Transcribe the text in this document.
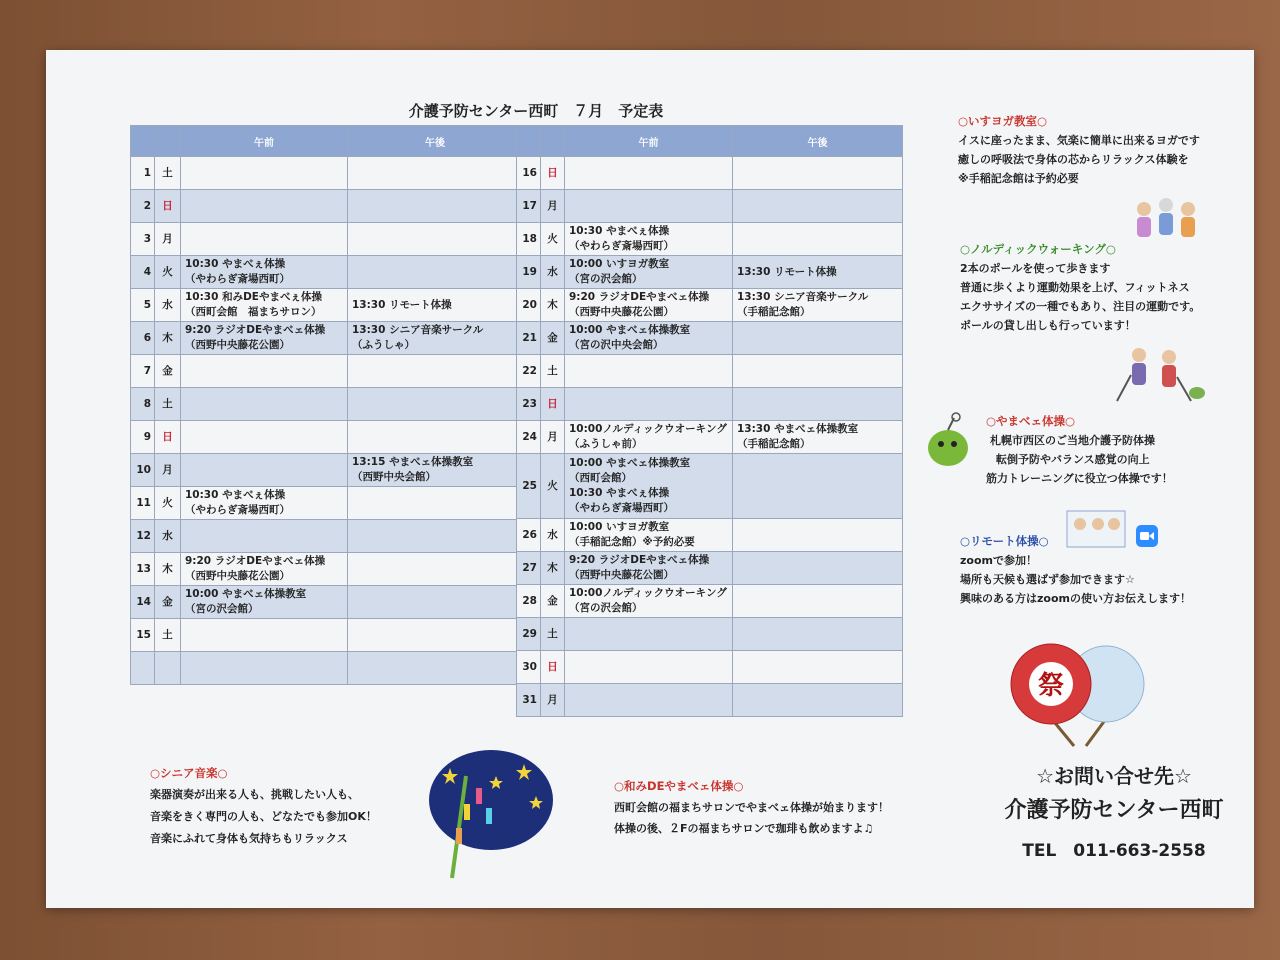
介護予防センター西町　７月　予定表
		午前	午後
1	土		
2	日		
3	月		
4	火	10:30 やまべぇ体操
（やわらぎ斎場西町）	

5	水	10:30 和みDEやまべぇ体操
（西町会館　福まちサロン）	13:30 リモート体操

6	木	9:20 ラジオDEやまべェ体操
（西野中央藤花公園）	13:30 シニア音楽サークル
（ふうしゃ）

7	金		
8	土		
9	日		
10	月		13:15 やまべェ体操教室
（西野中央会館）

11	火	10:30 やまべぇ体操
（やわらぎ斎場西町）	

12	水		
13	木	9:20 ラジオDEやまべェ体操
（西野中央藤花公園）	

14	金	10:00 やまべェ体操教室
（宮の沢会館）	

15	土		

		午前	午後
16	日		
17	月		
18	火	10:30 やまべぇ体操
（やわらぎ斎場西町）	

19	水	10:00 いすヨガ教室
（宮の沢会館）	13:30 リモート体操

20	木	9:20 ラジオDEやまべェ体操
（西野中央藤花公園）	13:30 シニア音楽サークル
（手稲記念館）

21	金	10:00 やまべェ体操教室
（宮の沢中央会館）	

22	土		
23	日		
24	月	10:00ノルディックウオーキング
（ふうしゃ前）	13:30 やまべェ体操教室
（手稲記念館）

25	火	10:00 やまべェ体操教室
（西町会館）
10:30 やまべぇ体操
（やわらぎ斎場西町）	

26	水	10:00 いすヨガ教室
（手稲記念館）※予約必要	

27	木	9:20 ラジオDEやまべェ体操
（西野中央藤花公園）	

28	金	10:00ノルディックウオーキング
（宮の沢会館）	

29	土		
30	日		
31	月		
○いすヨガ教室○
イスに座ったまま、気楽に簡単に出来るヨガです
癒しの呼吸法で身体の芯からリラックス体験を
※手稲記念館は予約必要
○ノルディックウォーキング○
2本のポールを使って歩きます
普通に歩くより運動効果を上げ、フィットネス
エクササイズの一種でもあり、注目の運動です。
ポールの貸し出しも行っています！
○やまべェ体操○
札幌市西区のご当地介護予防体操
転倒予防やバランス感覚の向上
筋力トレーニングに役立つ体操です！
○リモート体操○
zoomで参加！
場所も天候も選ばず参加できます☆
興味のある方はzoomの使い方お伝えします！
祭
○シニア音楽○
楽器演奏が出来る人も、挑戦したい人も、
音楽をきく専門の人も、どなたでも参加OK！
音楽にふれて身体も気持ちもリラックス
○和みDEやまべェ体操○
西町会館の福まちサロンでやまべェ体操が始まります！
体操の後、２Fの福まちサロンで珈琲も飲めますよ♫
☆お問い合せ先☆
介護予防センター西町
TEL　011-663-2558
